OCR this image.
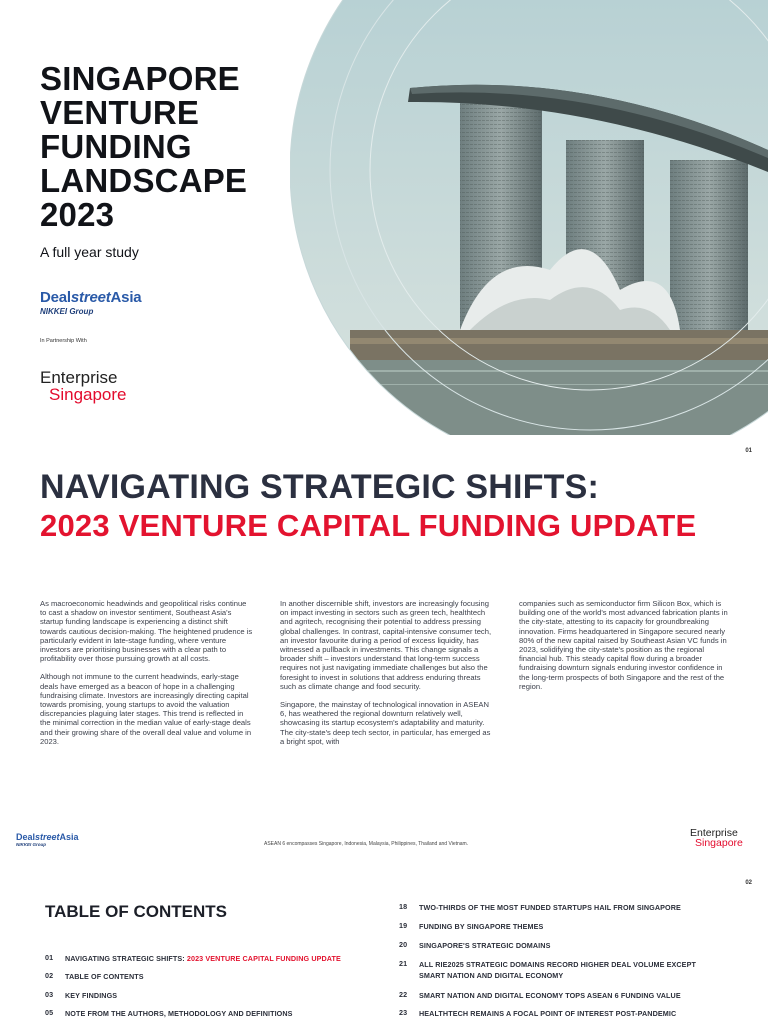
SINGAPORE
VENTURE
FUNDING
LANDSCAPE
2023
A full year study
DealstreetAsia
NIKKEI Group
In Partnership With
Enterprise
Singapore
01
NAVIGATING STRATEGIC SHIFTS:
2023 VENTURE CAPITAL FUNDING UPDATE

As macroeconomic headwinds and geopolitical risks continue to cast a shadow on investor sentiment, Southeast Asia's startup funding landscape is experiencing a distinct shift towards cautious decision-making. The heightened prudence is particularly evident in late-stage funding, where venture investors are prioritising businesses with a clear path to profitability over those pursuing growth at all costs.

Although not immune to the current headwinds, early-stage deals have emerged as a beacon of hope in a challenging fundraising climate. Investors are increasingly directing capital towards promising, young startups to avoid the valuation discrepancies plaguing later stages. This trend is reflected in the minimal correction in the median value of early-stage deals and their growing share of the overall deal value and volume in 2023.

In another discernible shift, investors are increasingly focusing on impact investing in sectors such as green tech, healthtech and agritech, recognising their potential to address pressing global challenges. In contrast, capital-intensive consumer tech, an investor favourite during a period of excess liquidity, has witnessed a pullback in investments. This change signals a broader shift – investors understand that long-term success requires not just navigating immediate challenges but also the foresight to invest in solutions that address enduring threats such as climate change and food security.

Singapore, the mainstay of technological innovation in ASEAN 6, has weathered the regional downturn relatively well, showcasing its startup ecosystem's adaptability and maturity. The city-state's deep tech sector, in particular, has emerged as a bright spot, with

companies such as semiconductor firm Silicon Box, which is building one of the world's most advanced fabrication plants in the city-state, attesting to its capacity for groundbreaking innovation. Firms headquartered in Singapore secured nearly 80% of the new capital raised by Southeast Asian VC funds in 2023, solidifying the city-state's position as the regional financial hub. This steady capital flow during a broader fundraising downturn signals enduring investor confidence in the long-term prospects of both Singapore and the rest of the region.

DealstreetAsia
NIKKEI Group	ASEAN 6 encompasses Singapore, Indonesia, Malaysia, Philippines, Thailand and Vietnam.
Enterprise
Singapore
02
TABLE OF CONTENTS
01	NAVIGATING STRATEGIC SHIFTS: 2023 VENTURE CAPITAL FUNDING UPDATE
02	TABLE OF CONTENTS
03	KEY FINDINGS
05	NOTE FROM THE AUTHORS, METHODOLOGY AND DEFINITIONS
18	TWO-THIRDS OF THE MOST FUNDED STARTUPS HAIL FROM SINGAPORE
19	FUNDING BY SINGAPORE THEMES
20	SINGAPORE'S STRATEGIC DOMAINS
21	ALL RIE2025 STRATEGIC DOMAINS RECORD HIGHER DEAL VOLUME EXCEPT SMART NATION AND DIGITAL ECONOMY
22	SMART NATION AND DIGITAL ECONOMY TOPS ASEAN 6 FUNDING VALUE
23	HEALTHTECH REMAINS A FOCAL POINT OF INTEREST POST-PANDEMIC
